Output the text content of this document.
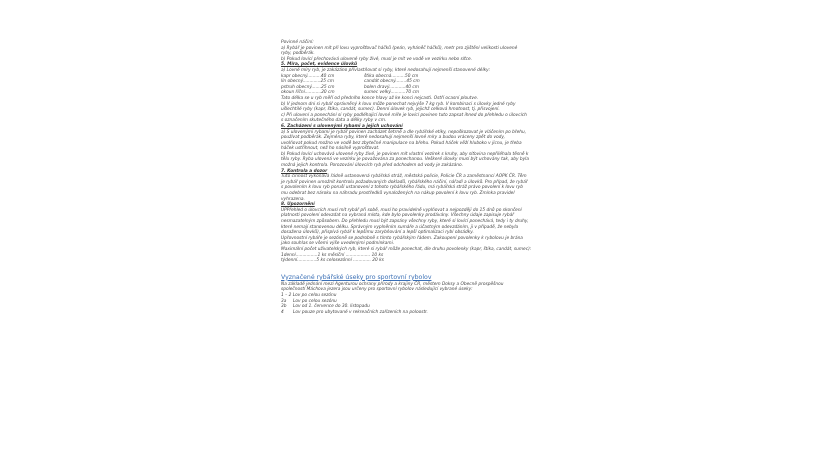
Povinné náčiní:

a) Rybář je povinen mít při lovu vyprošťovač háčků (peán, vyháněč háčků), metr pro zjištění velikosti ulovené

ryby, podběrák.

b) Pokud lovící přechovává ulovené ryby živé, musí je mít ve vodě ve vezírku nebo síťce.

5. Míra, počet, evidence úlovků

a) Lovné míry ryb, je zakázáno přivlastňovat si ryby, které nedosahují nejmenší stanovené délky:

kapr obecný..........40 cm	štika obecná..........50 cm
lín obecný.............25 cm	candát obecný........45 cm
pstruh obecný.......25 cm	bolen dravý............40 cm
okoun říční............20 cm	sumec velký...........70 cm

Tato délka se u ryb měří od předního konce hlavy až ke konci nejcasti. Ostří ocasní ploutve.

b) V jednom dni si rybář oprávněný k lovu může ponechat nejvýše 7 kg ryb. V kombinaci s úlovky jedné ryby

ušlechtilé ryby (kapr, štika, candát, sumec). Denní úlovek ryb, jejichž celková hmotnost, tj. přisvojení.

c) Při ulovení a ponechání si ryby podléhající lovné míře je lovící povinen tuto zapsat ihned do přehledu o úlovcích

s označením skutečného data a délky ryby v cm.

6. Zacházení s ulovenými rybami a jejich uchování

a) S ulovenými rybami je rybář povinen zacházet šetrně a dle rybářské etiky, nepoškozovat je vláčením po břehu,

používat podběrák. Zejména ryby, které nedosahují nejmenší lovné míry a budou vráceny zpět do vody,

uvolňovat pokud možno ve vodě bez zbytečné manipulace na břehu. Pokud háček věží hluboko v jícnu, je třeba

háček ustřihnout, než ho násilně vyprošťovat.

b) Pokud lovící uchovává ulovené ryby živé, je povinen mít vlastní vezírek s kruhy, aby síťovina nepřiléhala těsně k

tělu ryby. Ryba ulovená ve vezírku je považována za ponechanou. Veškeré úlovky musí být uchovány tak, aby byla

možná jejich kontrola. Porozování úlovcích ryb před odchodem od vody je zakázáno.

7. Kontrola a dozor

Tuto činnost vykonává řádně ustanovená rybářská stráž, městská policie, Policie ČR a zaměstnanci AOPK ČR. Těm

je rybář povinen umožnit kontrolu požadovaných dokladů, rybářského náčiní, nářadí a úlovků. Pro případ, že rybář

s povolením k lovu ryb poruší ustanovení z tohoto rybářského řádu, má rybářská stráž právo povolení k lovu ryb

mu odebrat bez nároku na náhradu prostředků vynaložených na nákup povolení k lovu ryb. Zmínka pravidel

vyhrazena.

8. Upozornění

UPPřehled o úlovcích musí mít rybář při sobě, musí ho pravidelně vyplňovat a nejpozději do 15 dnů po skončení

platnosti povolení odevzdat na vybraná místa, kde bylo povolenky prodávány. Všechny údaje zapisuje rybář

nesmazatelným způsobem. Do přehledu musí být zapsány všechny ryby, které si lovící ponechává, tedy i ty druhy,

které nemají stanovenou délku. Správným vyplněním sumáře a účastným odevzdáním, ji v případě, že nebyla

dosažena úlovků), přispívá rybář k lepšímu zarybňování a lepší optimalizaci rybí obsádky.

Upřovnostní rybáře je sezónně se podrobně s tímto rybářským řádem. Zakoupení povolenky k rybolovu je brána

jako souhlas se všemi výše uvedenými podmínkami.

Maximální počet uživatelských ryb, které si rybář může ponechat, dle druhu povolenky (kapr, štika, candát, sumec):

1denní................1 ks měsíční .................. 10 ks

týdenní..............5 ks celosezónní ............. 20 ks

Vyznačené rybářské úseky pro sportovní rybolov

Na základě jednání mezi Agenturou ochrany přírody a krajiny ČR, městem Doksy a Obecně prospěšnou

společností Máchova jezera jsou určeny pro sportovní rybolov následující vybrané úseky:

1 – 2 Lov po celou sezónu

3a	Lov po celou sezónu
3b	Lov od 1. července do 30. listopadu
4	Lov pouze pro ubytované v rekreačních zařízeních na poloostr.
